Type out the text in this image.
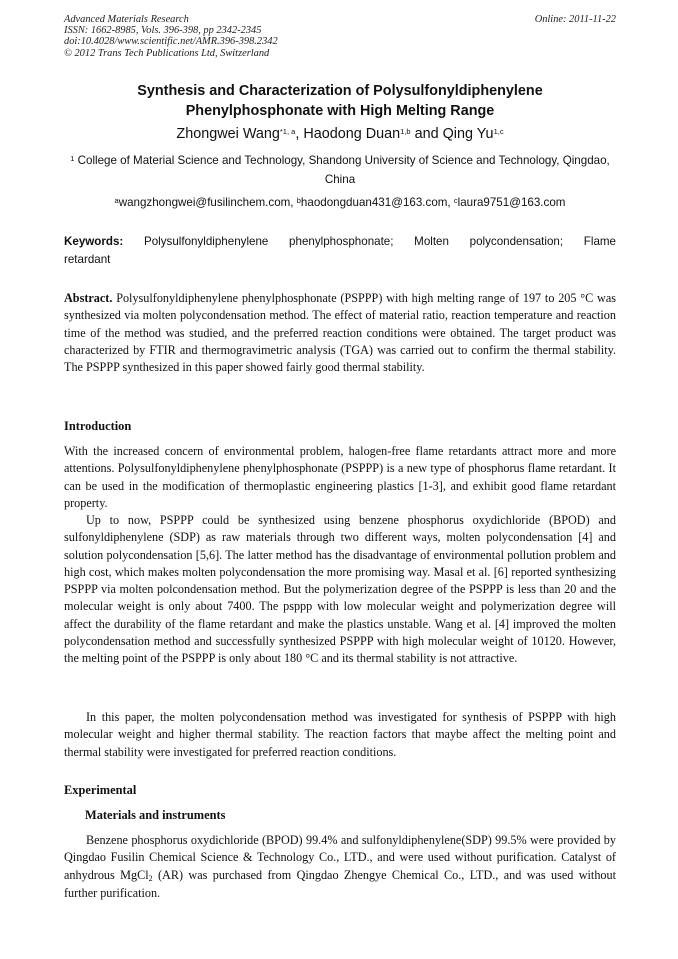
Advanced Materials Research
ISSN: 1662-8985, Vols. 396-398, pp 2342-2345
doi:10.4028/www.scientific.net/AMR.396-398.2342
© 2012 Trans Tech Publications Ltd, Switzerland
Online: 2011-11-22
Synthesis and Characterization of Polysulfonyldiphenylene
Phenylphosphonate with High Melting Range
Zhongwei Wang$^{*1, a}$, Haodong Duan$^{1,b}$ and Qing Yu$^{1,c}$
$^1$ College of Material Science and Technology, Shandong University of Science and Technology, Qingdao, China
$^a$wangzhongwei@fusilinchem.com, $^b$haodongduan431@163.com, $^c$laura9751@163.com
Keywords: Polysulfonyldiphenylene phenylphosphonate; Molten polycondensation; Flame retardant
Abstract. Polysulfonyldiphenylene phenylphosphonate (PSPPP) with high melting range of 197 to 205 °C was synthesized via molten polycondensation method. The effect of material ratio, reaction temperature and reaction time of the method was studied, and the preferred reaction conditions were obtained. The target product was characterized by FTIR and thermogravimetric analysis (TGA) was carried out to confirm the thermal stability. The PSPPP synthesized in this paper showed fairly good thermal stability.
Introduction
With the increased concern of environmental problem, halogen-free flame retardants attract more and more attentions. Polysulfonyldiphenylene phenylphosphonate (PSPPP) is a new type of phosphorus flame retardant. It can be used in the modification of thermoplastic engineering plastics [1-3], and exhibit good flame retardant property.
Up to now, PSPPP could be synthesized using benzene phosphorus oxydichloride (BPOD) and sulfonyldiphenylene (SDP) as raw materials through two different ways, molten polycondensation [4] and solution polycondensation [5,6]. The latter method has the disadvantage of environmental pollution problem and high cost, which makes molten polycondensation the more promising way. Masal et al. [6] reported synthesizing PSPPP via molten polcondensation method. But the polymerization degree of the PSPPP is less than 20 and the molecular weight is only about 7400. The psppp with low molecular weight and polymerization degree will affect the durability of the flame retardant and make the plastics unstable. Wang et al. [4] improved the molten polycondensation method and successfully synthesized PSPPP with high molecular weight of 10120. However, the melting point of the PSPPP is only about 180 °C and its thermal stability is not attractive.
In this paper, the molten polycondensation method was investigated for synthesis of PSPPP with high molecular weight and higher thermal stability. The reaction factors that maybe affect the melting point and thermal stability were investigated for preferred reaction conditions.
Experimental
Materials and instruments
Benzene phosphorus oxydichloride (BPOD) 99.4% and sulfonyldiphenylene(SDP) 99.5% were provided by Qingdao Fusilin Chemical Science & Technology Co., LTD., and were used without purification. Catalyst of anhydrous MgCl$_2$ (AR) was purchased from Qingdao Zhengye Chemical Co., LTD., and was used without further purification.
